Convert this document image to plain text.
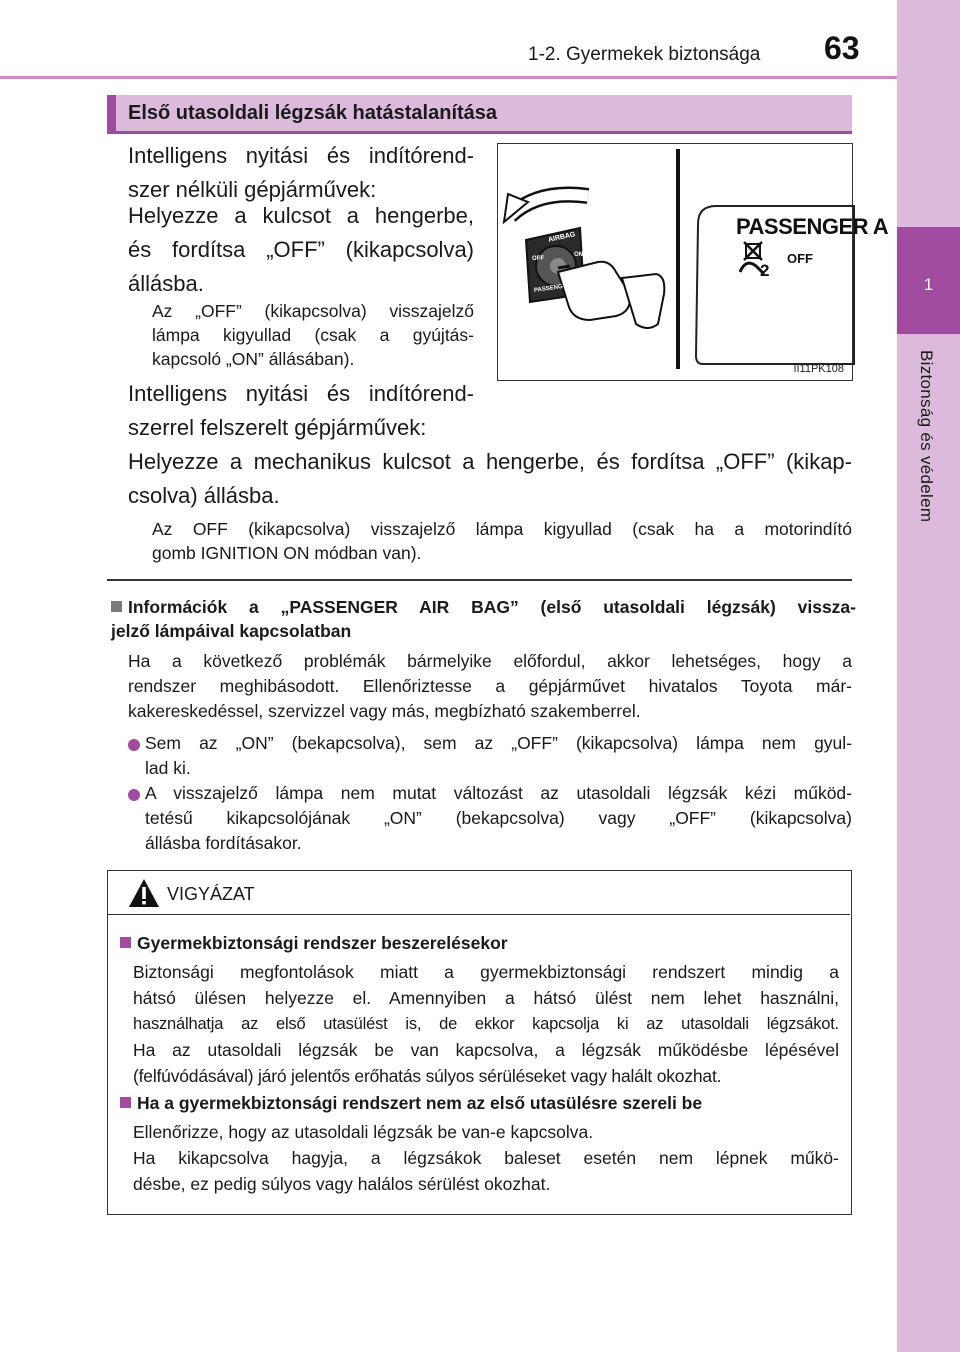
1-2. Gyermekek biztonsága 63
1
Biztonság és védelem
Első utasoldali légzsák hatástalanítása
Intelligens nyitási és indítórend-
szer nélküli gépjárművek:
Helyezze a kulcsot a hengerbe,
és fordítsa „OFF” (kikapcsolva)
állásba.
Az „OFF” (kikapcsolva) visszajelző
lámpa kigyullad (csak a gyújtás-
kapcsoló „ON” állásában).
Intelligens nyitási és indítórend-
szerrel felszerelt gépjárművek:
Helyezze a mechanikus kulcsot a hengerbe, és fordítsa „OFF” (kikap-
csolva) állásba.
Az OFF (kikapcsolva) visszajelző lámpa kigyullad (csak ha a motorindító
gomb IGNITION ON módban van).
2
PASSENGER A
OFF
AIRBAG
OFF
ON
PASSENG
II11PK108
Információk a „PASSENGER AIR BAG” (első utasoldali légzsák) vissza-
jelző lámpáival kapcsolatban
Ha a következő problémák bármelyike előfordul, akkor lehetséges, hogy a
rendszer meghibásodott. Ellenőriztesse a gépjárművet hivatalos Toyota már-
kakereskedéssel, szervizzel vagy más, megbízható szakemberrel.
Sem az „ON” (bekapcsolva), sem az „OFF” (kikapcsolva) lámpa nem gyul-
lad ki.
A visszajelző lámpa nem mutat változást az utasoldali légzsák kézi működ-
tetésű kikapcsolójának „ON” (bekapcsolva) vagy „OFF” (kikapcsolva)
állásba fordításakor.
VIGYÁZAT
Gyermekbiztonsági rendszer beszerelésekor
Biztonsági megfontolások miatt a gyermekbiztonsági rendszert mindig a
hátsó ülésen helyezze el. Amennyiben a hátsó ülést nem lehet használni,
használhatja az első utasülést is, de ekkor kapcsolja ki az utasoldali légzsákot.
Ha az utasoldali légzsák be van kapcsolva, a légzsák működésbe lépésével
(felfúvódásával) járó jelentős erőhatás súlyos sérüléseket vagy halált okozhat.
Ha a gyermekbiztonsági rendszert nem az első utasülésre szereli be
Ellenőrizze, hogy az utasoldali légzsák be van-e kapcsolva.
Ha kikapcsolva hagyja, a légzsákok baleset esetén nem lépnek műkö-
désbe, ez pedig súlyos vagy halálos sérülést okozhat.
